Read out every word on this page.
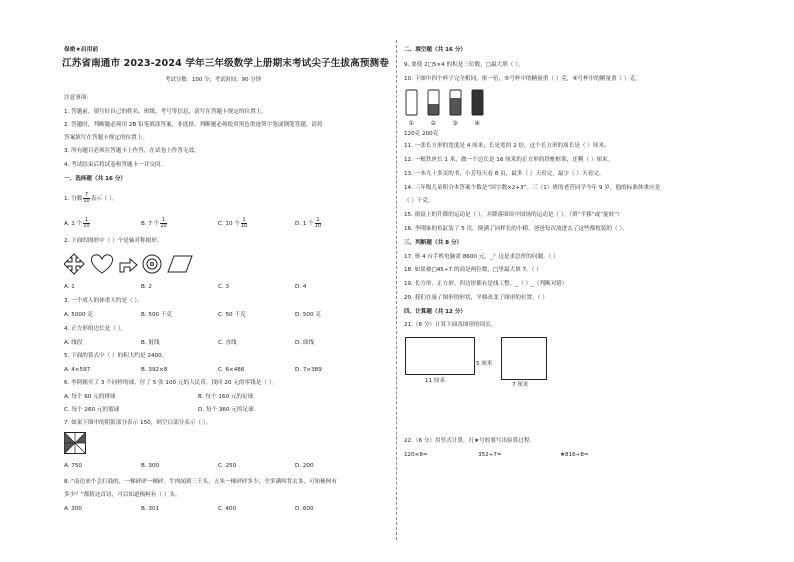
保密★启用前
江苏省南通市 2023-2024 学年三年级数学上册期末考试尖子生拔高预测卷
考试分数：100 分；考试时间：90 分钟
注意事项：
1. 答题前，填写好自己的姓名、班级、考号等信息，请写在答题卡规定的位置上。
2. 答题时，判断题必须用 2B 铅笔填涂答案，非选择、判断题必须使用黑色墨迹签字笔或钢笔答题，请将
答案填写在答题卡规定的位置上。
3. 所有题目必须在答题卡上作答，在试卷上作答无效。
4. 考试结束后将试卷和答题卡一并交回。
一、选择题（共 16 分）
1. 分数 $\frac{7}{10}$ 表示（ ）。
A. 1 个 $\frac{1}{10}$	B. 7 个 $\frac{1}{10}$	C. 10 个 $\frac{1}{10}$	D. 1 个 $\frac{1}{10}$
2. 下面的图形中（ ）个是轴对称图形。
A. 1	B. 2	C. 3	D. 4
3. 一个成人的体重大约是（ ）。
A. 5000 克	B. 500 千克	C. 50 千克	D. 500 克
4. 正方形的边长是（ ）。
A. 线段	B. 射线	C. 直线	D. 曲线
5. 下面的算式中（ ）的积大约是 2400。
A. 4×597	B. 392×8	C. 6×486	D. 7×389
6. 李阿姨买了 3 个同样的球，付了 5 张 100 元的人民币，找回 20 元的零钱是（ ）。
A. 每个 60 元的排球	B. 每个 160 元的足球
C. 每个 260 元的篮球	D. 每个 360 元的足球
7. 如果下图中的阴影部分表示 150，则空白部分表示（ ）。
A. 750	B. 300	C. 250	D. 200
8. “南边来个会打鼓的，一梯砰砰一梯砰。牛肉闻到三千头，五朱一梯砰砰多少，全多满叫背去多，可知梳柯有
多少？”都猜这首诗，可以知道梳柯有（ ）头。
A. 300	B. 301	C. 400	D. 600
二、填空题（共 16 分）
9. 要使 2□5×4 的积是三位数，□最大填（ ）。
10. 下图中四个杯子完全相同，依一倍，⑤号杯中的糖量重（ ）克，④号杯中的糖量重（ ）克。
①	②	③	④
120克 200克
11. 一张长方形的宽度是 4 厘米，长是宽的 2 倍，这个长方形的周长是（ ）厘米。
12. 一根铁丝长 1 米，做一个边长是 16 厘米的正方形的铁框框架，还剩（ ）厘米。
13. 一本九十多页的书，小芳每天看 8 页，最多（ ）天看完，最少（ ）天看完。
14. 三年级儿童积分本答案个数是“因字数×2+3”。三（1）班的老营同学今年 9 岁，他的标准体重应是
（ ）千克。
15. 窗扇上的升降的运动是（ ），并降落图块中国场的运动是（ ）。（填“平移”或“旋转”）
16. 李刚家的鱼缸装了 5 次，倒满了同样长的小粮，爸爸每次放进去了这些都枚装的（ ）。
三、判断题（共 8 分）
17. 奥 4 台手机电脑需 8600 元。_？这是求总价的问题。（ ）
18. 如果被□45÷7 的商是两位数，□里最大填 7。（ ）
19. 长方形、正方形、四边形都有是线工整。_（ ）_（判断对错）
20. 我们在量了图形的形状，平移改变了图形的位置。（ ）
四、计算题（共 12 分）
21.（6 分）计算下面各图形的周长。
5 厘米
11 厘米
7 厘米
22.（6 分）用竖式计算，打★号的要写出验算过程。
120×8=	352÷7=	★816÷8=
